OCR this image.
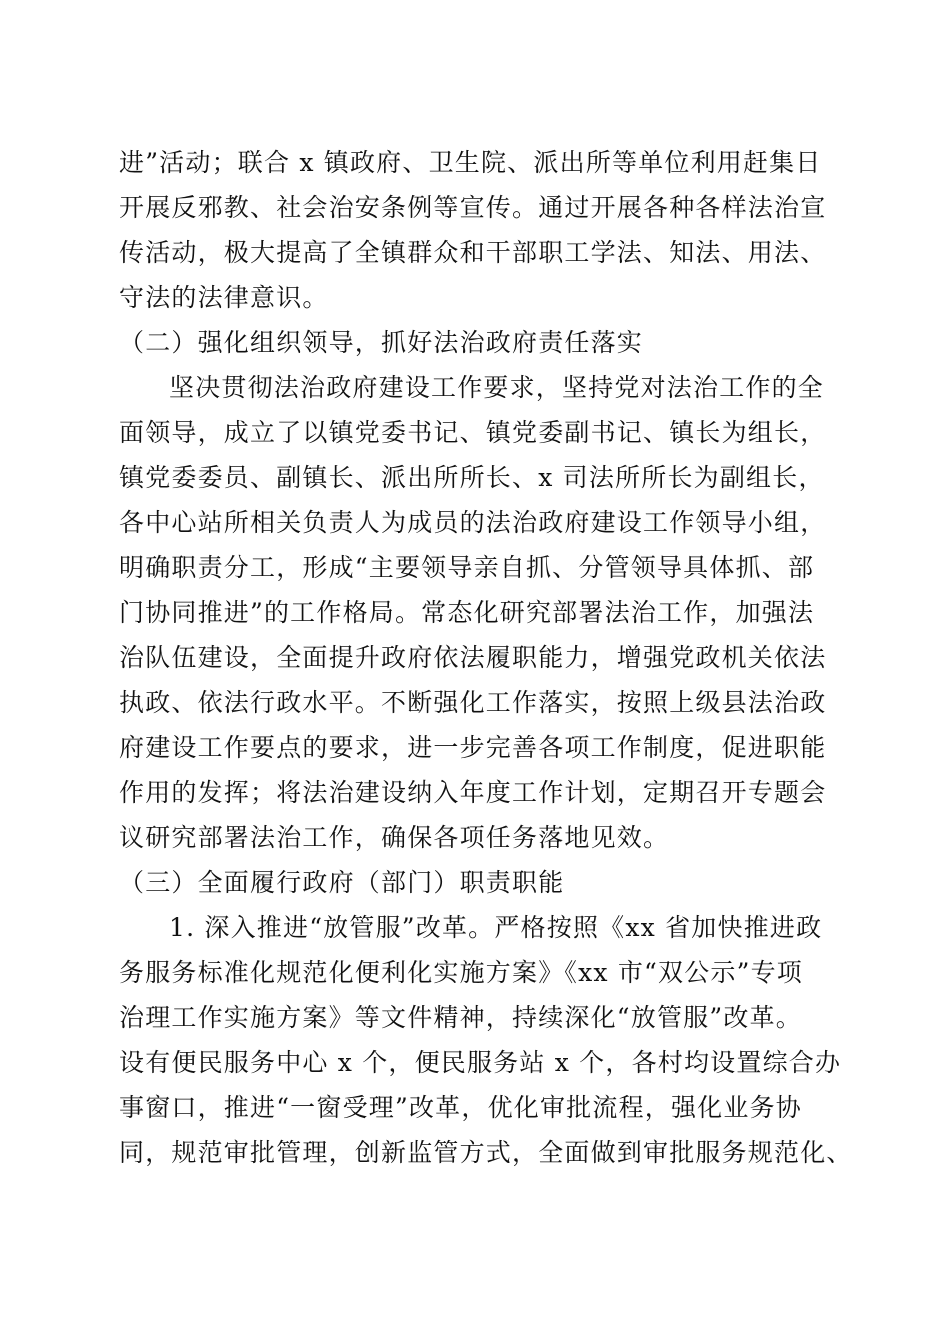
进”活动；联合 x 镇政府、卫生院、派出所等单位利用赶集日
开展反邪教、社会治安条例等宣传。通过开展各种各样法治宣
传活动，极大提高了全镇群众和干部职工学法、知法、用法、
守法的法律意识。

（二）强化组织领导，抓好法治政府责任落实

坚决贯彻法治政府建设工作要求，坚持党对法治工作的全
面领导，成立了以镇党委书记、镇党委副书记、镇长为组长，
镇党委委员、副镇长、派出所所长、x 司法所所长为副组长，
各中心站所相关负责人为成员的法治政府建设工作领导小组，
明确职责分工，形成“主要领导亲自抓、分管领导具体抓、部
门协同推进”的工作格局。常态化研究部署法治工作，加强法
治队伍建设，全面提升政府依法履职能力，增强党政机关依法
执政、依法行政水平。不断强化工作落实，按照上级县法治政
府建设工作要点的要求，进一步完善各项工作制度，促进职能
作用的发挥；将法治建设纳入年度工作计划，定期召开专题会
议研究部署法治工作，确保各项任务落地见效。

（三）全面履行政府（部门）职责职能

1. 深入推进“放管服”改革。严格按照《xx 省加快推进政
务服务标准化规范化便利化实施方案》《xx 市“双公示”专项
治理工作实施方案》等文件精神，持续深化“放管服”改革。
设有便民服务中心 x 个，便民服务站 x 个，各村均设置综合办
事窗口，推进“一窗受理”改革，优化审批流程，强化业务协
同，规范审批管理，创新监管方式，全面做到审批服务规范化、
